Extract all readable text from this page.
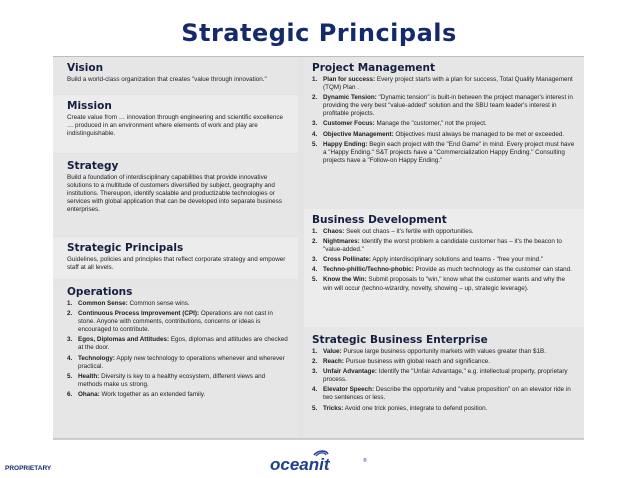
Strategic Principals
Vision
Build a world-class organization that creates "value through innovation."
Mission
Create value from … innovation through engineering and scientific excellence … produced in an environment where elements of work and play are indistinguishable.
Strategy
Build a foundation of interdisciplinary capabilities that provide innovative solutions to a multitude of customers diversified by subject, geography and institutions. Thereupon, identify scalable and productizable technologies or services with global application that can be developed into separate business enterprises.
Strategic Principals
Guidelines, policies and principles that reflect corporate strategy and empower staff at all levels.
Operations
1. Common Sense: Common sense wins.
2. Continuous Process Improvement (CPI): Operations are not cast in stone. Anyone with comments, contributions, concerns or ideas is encouraged to contribute.
3. Egos, Diplomas and Attitudes: Egos, diplomas and attitudes are checked at the door.
4. Technology: Apply new technology to operations whenever and wherever practical.
5. Health: Diversity is key to a healthy ecosystem, different views and methods make us strong.
6. Ohana: Work together as an extended family.
Project Management
1. Plan for success: Every project starts with a plan for success, Total Quality Management (TQM) Plan .
2. Dynamic Tension: "Dynamic tension" is built-in between the project manager's interest in providing the very best "value-added" solution and the SBU team leader's interest in profitable projects.
3. Customer Focus: Manage the "customer," not the project.
4. Objective Management: Objectives must always be managed to be met or exceeded.
5. Happy Ending: Begin each project with the "End Game" in mind. Every project must have a "Happy Ending." S&T projects have a "Commercialization Happy Ending." Consulting projects have a "Follow-on Happy Ending."
Business Development
1. Chaos: Seek out chaos – it's fertile with opportunities.
2. Nightmares: Identify the worst problem a candidate customer has – it's the beacon to "value-added."
3. Cross Pollinate: Apply interdisciplinary solutions and teams - "free your mind."
4. Techno-phillic/Techno-phobic: Provide as much technology as the customer can stand.
5. Know the Win: Submit proposals to "win," know what the customer wants and why the win will occur (techno-wizardry, novelty, showing – up, strategic leverage).
Strategic Business Enterprise
1. Value: Pursue large business opportunity markets with values greater than $1B.
2. Reach: Pursue business with global reach and significance.
3. Unfair Advantage: Identify the "Unfair Advantage," e.g. intellectual property, proprietary process.
4. Elevator Speech: Describe the opportunity and "value proposition" on an elevator ride in two sentences or less.
5. Tricks: Avoid one trick ponies, integrate to defend position.
oceanit	®
PROPRIETARY
